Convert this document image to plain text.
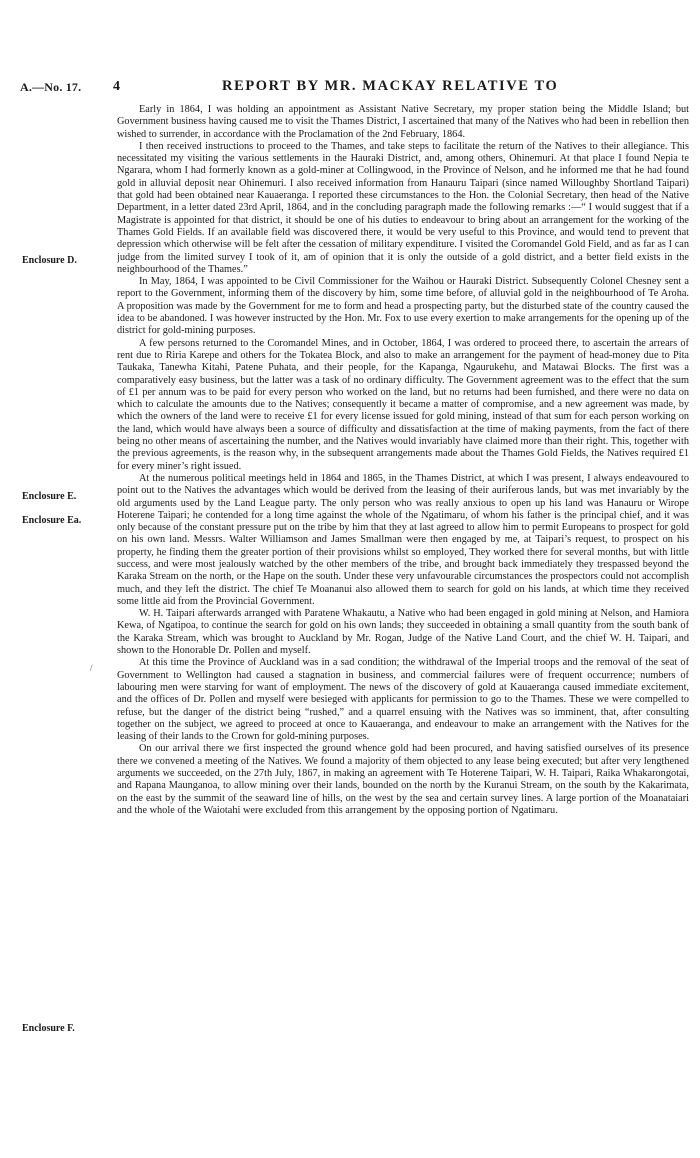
A.—No. 17. 4	REPORT BY MR. MACKAY RELATIVE TO
Enclosure D.
Enclosure E.
Enclosure Ea.
Enclosure F.
/

Early in 1864, I was holding an appointment as Assistant Native Secretary, my proper station being the Middle Island; but Government business having caused me to visit the Thames District, I ascertained that many of the Natives who had been in rebellion then wished to surrender, in accordance with the Proclamation of the 2nd February, 1864.

I then received instructions to proceed to the Thames, and take steps to facilitate the return of the Natives to their allegiance. This necessitated my visiting the various settlements in the Hauraki District, and, among others, Ohinemuri. At that place I found Nepia te Ngarara, whom I had formerly known as a gold-miner at Collingwood, in the Province of Nelson, and he informed me that he had found gold in alluvial deposit near Ohinemuri. I also received information from Hanauru Taipari (since named Willoughby Shortland Taipari) that gold had been obtained near Kauaeranga. I reported these circumstances to the Hon. the Colonial Secretary, then head of the Native Department, in a letter dated 23rd April, 1864, and in the concluding paragraph made the following remarks :—“ I would suggest that if a Magistrate is appointed for that district, it should be one of his duties to endeavour to bring about an arrangement for the working of the Thames Gold Fields. If an available field was discovered there, it would be very useful to this Province, and would tend to prevent that depression which otherwise will be felt after the cessation of military expenditure. I visited the Coromandel Gold Field, and as far as I can judge from the limited survey I took of it, am of opinion that it is only the outside of a gold district, and a better field exists in the neighbourhood of the Thames.”

In May, 1864, I was appointed to be Civil Commissioner for the Waihou or Hauraki District. Subsequently Colonel Chesney sent a report to the Government, informing them of the discovery by him, some time before, of alluvial gold in the neighbourhood of Te Aroha. A proposition was made by the Government for me to form and head a prospecting party, but the disturbed state of the country caused the idea to be abandoned. I was however instructed by the Hon. Mr. Fox to use every exertion to make arrangements for the opening up of the district for gold-mining purposes.

A few persons returned to the Coromandel Mines, and in October, 1864, I was ordered to proceed there, to ascertain the arrears of rent due to Riria Karepe and others for the Tokatea Block, and also to make an arrangement for the payment of head-money due to Pita Taukaka, Tanewha Kitahi, Patene Puhata, and their people, for the Kapanga, Ngaurukehu, and Matawai Blocks. The first was a comparatively easy business, but the latter was a task of no ordinary difficulty. The Government agreement was to the effect that the sum of £1 per annum was to be paid for every person who worked on the land, but no returns had been furnished, and there were no data on which to calculate the amounts due to the Natives; consequently it became a matter of compromise, and a new agreement was made, by which the owners of the land were to receive £1 for every license issued for gold mining, instead of that sum for each person working on the land, which would have always been a source of difficulty and dissatisfaction at the time of making payments, from the fact of there being no other means of ascertaining the number, and the Natives would invariably have claimed more than their right. This, together with the previous agreements, is the reason why, in the subsequent arrangements made about the Thames Gold Fields, the Natives required £1 for every miner’s right issued.

At the numerous political meetings held in 1864 and 1865, in the Thames District, at which I was present, I always endeavoured to point out to the Natives the advantages which would be derived from the leasing of their auriferous lands, but was met invariably by the old arguments used by the Land League party. The only person who was really anxious to open up his land was Hanauru or Wirope Hoterene Taipari; he contended for a long time against the whole of the Ngatimaru, of whom his father is the principal chief, and it was only because of the constant pressure put on the tribe by him that they at last agreed to allow him to permit Europeans to prospect for gold on his own land. Messrs. Walter Williamson and James Smallman were then engaged by me, at Taipari’s request, to prospect on his property, he finding them the greater portion of their provisions whilst so employed, They worked there for several months, but with little success, and were most jealously watched by the other members of the tribe, and brought back immediately they trespassed beyond the Karaka Stream on the north, or the Hape on the south. Under these very unfavourable circumstances the prospectors could not accomplish much, and they left the district. The chief Te Moananui also allowed them to search for gold on his lands, at which time they received some little aid from the Provincial Government.

W. H. Taipari afterwards arranged with Paratene Whakautu, a Native who had been engaged in gold mining at Nelson, and Hamiora Kewa, of Ngatipoa, to continue the search for gold on his own lands; they succeeded in obtaining a small quantity from the south bank of the Karaka Stream, which was brought to Auckland by Mr. Rogan, Judge of the Native Land Court, and the chief W. H. Taipari, and shown to the Honorable Dr. Pollen and myself.

At this time the Province of Auckland was in a sad condition; the withdrawal of the Imperial troops and the removal of the seat of Government to Wellington had caused a stagnation in business, and commercial failures were of frequent occurrence; numbers of labouring men were starving for want of employment. The news of the discovery of gold at Kauaeranga caused immediate excitement, and the offices of Dr. Pollen and myself were besieged with applicants for permission to go to the Thames. These we were compelled to refuse, but the danger of the district being “rushed,” and a quarrel ensuing with the Natives was so imminent, that, after consulting together on the subject, we agreed to proceed at once to Kauaeranga, and endeavour to make an arrangement with the Natives for the leasing of their lands to the Crown for gold-mining purposes.

On our arrival there we first inspected the ground whence gold had been procured, and having satisfied ourselves of its presence there we convened a meeting of the Natives. We found a majority of them objected to any lease being executed; but after very lengthened arguments we succeeded, on the 27th July, 1867, in making an agreement with Te Hoterene Taipari, W. H. Taipari, Raika Whakarongotai, and Rapana Maunganoa, to allow mining over their lands, bounded on the north by the Kuranui Stream, on the south by the Kakarimata, on the east by the summit of the seaward line of hills, on the west by the sea and certain survey lines. A large portion of the Moanataiari and the whole of the Waiotahi were excluded from this arrangement by the opposing portion of Ngatimaru.
